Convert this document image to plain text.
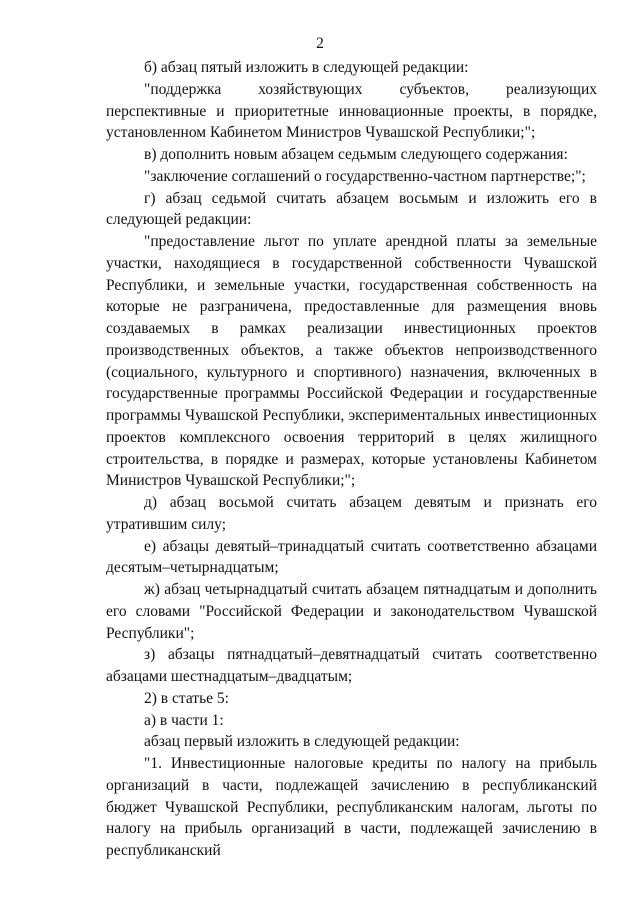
2

б) абзац пятый изложить в следующей редакции:

"поддержка хозяйствующих субъектов, реализующих перспективные и приоритетные инновационные проекты, в порядке, установленном Кабинетом Министров Чувашской Республики;";

в) дополнить новым абзацем седьмым следующего содержания:

"заключение соглашений о государственно-частном партнерстве;";

г) абзац седьмой считать абзацем восьмым и изложить его в следующей редакции:

"предоставление льгот по уплате арендной платы за земельные участки, находящиеся в государственной собственности Чувашской Республики, и земельные участки, государственная собственность на которые не разграничена, предоставленные для размещения вновь создаваемых в рамках реализации инвестиционных проектов производственных объектов, а также объектов непроизводственного (социального, культурного и спортивного) назначения, включенных в государственные программы Российской Федерации и государственные программы Чувашской Республики, экспериментальных инвестиционных проектов комплексного освоения территорий в целях жилищного строительства, в порядке и размерах, которые установлены Кабинетом Министров Чувашской Республики;";

д) абзац восьмой считать абзацем девятым и признать его утратившим силу;

е) абзацы девятый–тринадцатый считать соответственно абзацами десятым–четырнадцатым;

ж) абзац четырнадцатый считать абзацем пятнадцатым и дополнить его словами "Российской Федерации и законодательством Чувашской Республики";

з) абзацы пятнадцатый–девятнадцатый считать соответственно абзацами шестнадцатым–двадцатым;

2) в статье 5:

а) в части 1:

абзац первый изложить в следующей редакции:

"1. Инвестиционные налоговые кредиты по налогу на прибыль организаций в части, подлежащей зачислению в республиканский бюджет Чувашской Республики, республиканским налогам, льготы по налогу на прибыль организаций в части, подлежащей зачислению в республиканский
